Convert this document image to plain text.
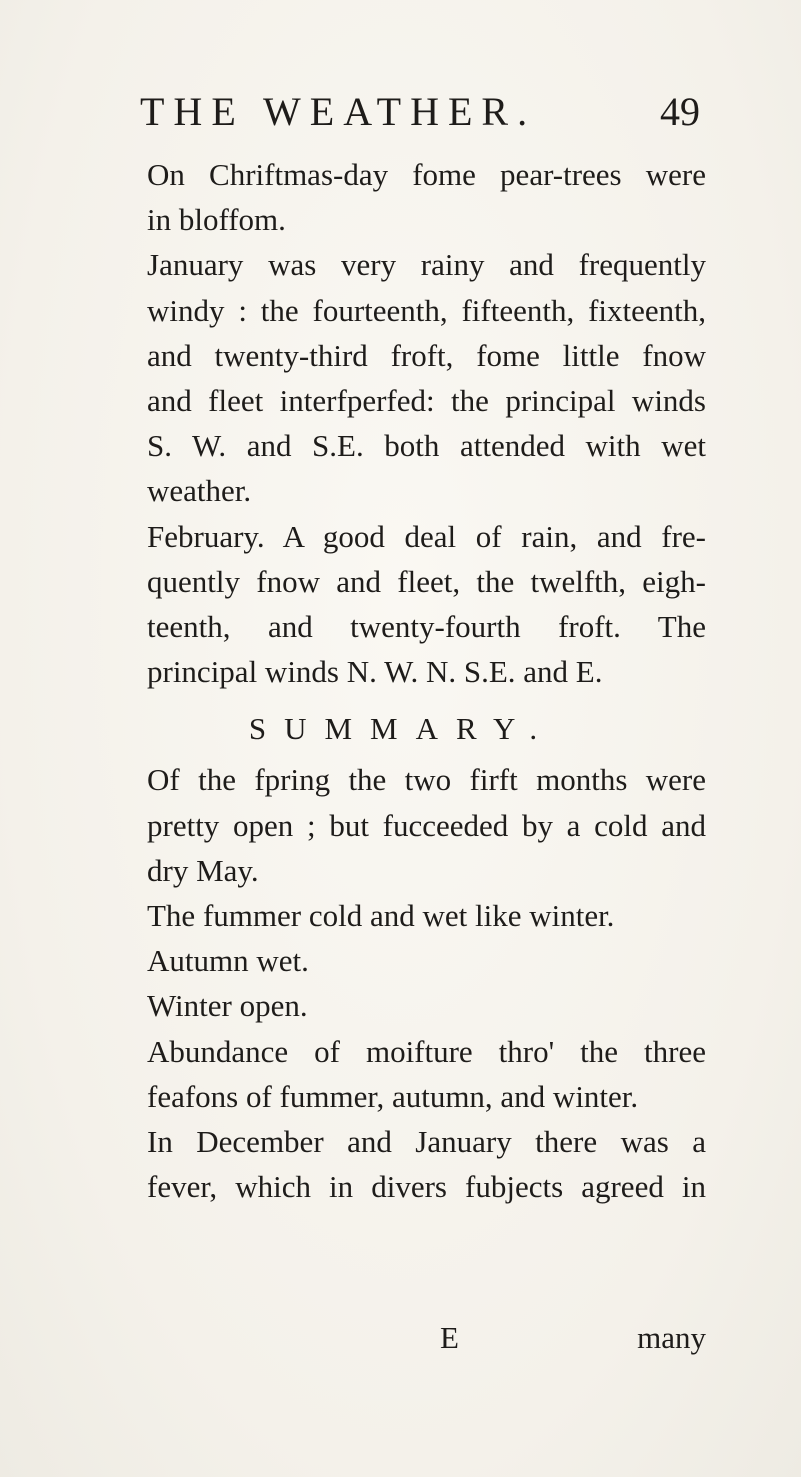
THE WEATHER.	49

On Chriftmas-day fome pear-trees were
in bloffom.

January was very rainy and frequently
windy : the fourteenth, fifteenth, fixteenth,
and twenty-third froft, fome little fnow
and fleet interfperfed: the principal winds
S. W. and S.E. both attended with wet
weather.

February. A good deal of rain, and fre-
quently fnow and fleet, the twelfth, eigh-
teenth, and twenty-fourth froft. The
principal winds N. W. N. S.E. and E.

SUMMARY.

Of the fpring the two firft months were
pretty open ; but fucceeded by a cold and
dry May.

The fummer cold and wet like winter.

Autumn wet.

Winter open.

Abundance of moifture thro' the three
feafons of fummer, autumn, and winter.

In December and January there was a
fever, which in divers fubjects agreed in

E	many
